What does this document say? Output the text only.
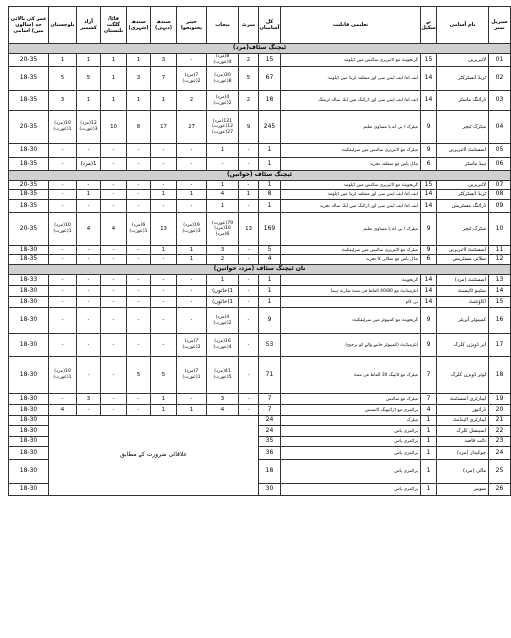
سیریل نمبر	نام آسامی	بے سکیل	تعلیمی قابلیت	کل آسامیاں	میرٹ	پنجاب	خیبر پختونخوا	سندھ (دیہی)	سندھ (شہری)	فاٹا/ گلگت بلتستان	آزاد کشمیر	بلوچستان	عمر کی بالائی حد (سالوں میں) اسامی
ٹیچنگ سٹاف(مرد)													
01	لائبریرین	15	گریجویٹ مع لائبریری سائنس میں ڈپلومہ	15	2	8(مرد) 4(عورت)	-	3	1	1	1	1	20-35
02	ٹریڈ انسٹرکٹر	14	ایف اے/ ایف ایس سی اور متعلقہ ٹریڈ میں ڈپلومہ	67	5	30(مرد) 8(عورت)	7(مرد) 2(عورت)	7	3	1	5	5	18-35
03	ڈرائنگ ماسٹر	14	ایف اے/ ایف ایس سی اور ڈرائنگ میں ایک سالہ ٹریننگ	18	2	4(مرد) 2(عورت)	2	1	1	1	1	3	18-35
04	میٹرک ٹیچر	9	میٹرک / بی اے یا مساوی تعلیم	245	9	121(مرد) 12(عورت) 27(عورت)	27	17	8	10	12(مرد) 3(عورت)	10(مرد) 1(عورت)	20-35
05	اسسٹنٹ لائبریرین	9	میٹرک مع لائبریری سائنس میں سرٹیفکیٹ	1	-	1	-	-	-	-	-	-	18-30
06	ہیڈ ماسٹر	6	مڈل پاس مع متعلقہ تجربہ	1	-	-	-	-	-	-	1(مرد)	-	18-35
ٹیچنگ سٹاف (خواتین)													
07	لائبریرین	15	گریجویٹ مع لائبریری سائنس میں ڈپلومہ	1	-	1	-	-	-	-	-	-	20-35
08	ٹریڈ انسٹرکٹر	14	ایف اے/ ایف ایس سی اور متعلقہ ٹریڈ میں ڈپلومہ	8	1	4	1	1	-	-	1	-	18-35
09	ڈرائنگ مسٹریس	14	ایف اے/ ایف ایس سی اور ڈرائنگ میں ایک سالہ تجربہ	1	-	1	-	-	-	-	-	-	18-35
10	میٹرک ٹیچر	9	میٹرک / بی اے یا مساوی تعلیم	169	13	79(عورت) 10(مرد) 6(مرد)	19(مرد) 3(عورت)	13	6(مرد) 1(عورت)	4	4	10(مرد) 1(عورت)	20-35
11	اسسٹنٹ لائبریرین	9	میٹرک مع لائبریری سائنس میں سرٹیفکیٹ	5	-	3	1	1	-	-	-	-	18-30
12	سلائی مسٹریس	6	مڈل پاس مع سلائی کا تجربہ	4	-	2	1	-	-	-	-	-	18-35
نان ٹیچنگ سٹاف (مرد، خواتین)													
13	اسسٹنٹ (مرد)	14	گریجویٹ	1	-	1	-	-	-	-	-	-	18-33
14	سٹینو ٹائپسٹ	14	انٹرمیڈیٹ مع 40/80 الفاظ فی منٹ شارٹ ہینڈ	1	-	1(خاتون)	-	-	-	-	-	-	18-30
15	اکاؤنٹنٹ	14	بی کام	1	-	1(خاتون)	-	-	-	-	-	-	18-30
16	کمپیوٹر آپریٹر	9	گریجویٹ مع کمپیوٹر میں سرٹیفکیٹ	9	-	4(مرد) 2(عورت)	-	-	-	-	-	-	18-30
17	اپر ڈویژن کلرک	9	انٹرمیڈیٹ (کمپیوٹر جاننے والے کو ترجیح)	53	-	16(مرد) 4(عورت)	7(مرد) 2(عورت)	-	-	-	-	-	18-30
18	لوئر ڈویژن کلرک	7	میٹرک مع ٹائپنگ 30 الفاظ فی منٹ	71	-	41(مرد) 5(عورت)	7(مرد) 1(عورت)	5	5	-	-	10(مرد) 1(عورت)	18-30
19	لیبارٹری اسسٹنٹ	7	میٹرک مع سائنس	7	-	3	-	1	-	-	3	-	18-30
20	ڈرائیور	4	پرائمری مع ڈرائیونگ لائسنس	7	-	4	1	1	-	-	-	4	18-30
21	لیبارٹری اٹینڈنٹ	1	میٹرک	24	علاقائی ضرورت کے مطابق								18-30
22	اسپیشل کلرک	1	پرائمری پاس	24									18-30
23	نائب قاصد	1	پرائمری پاس	35									18-30
24	چوکیدار (مرد)	1	پرائمری پاس	36									18-30
25	مالی (مرد)	1	پرائمری پاس	18									18-30
26	سویپر	1	پرائمری پاس	30									18-30
